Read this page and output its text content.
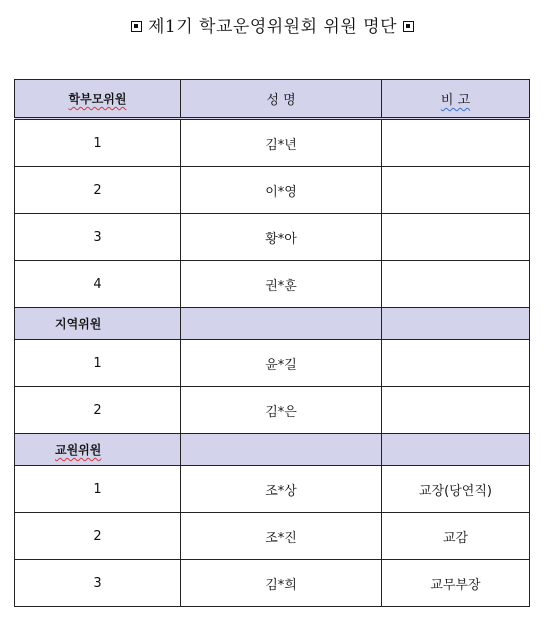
제1기 학교운영위원회 위원 명단
학부모위원	성 명	비 고
1	김*년	
2	이*영	
3	황*아	
4	권*훈	
지역위원		
1	윤*길	
2	김*은	
교원위원		
1	조*상	교장(당연직)
2	조*진	교감
3	김*희	교무부장
